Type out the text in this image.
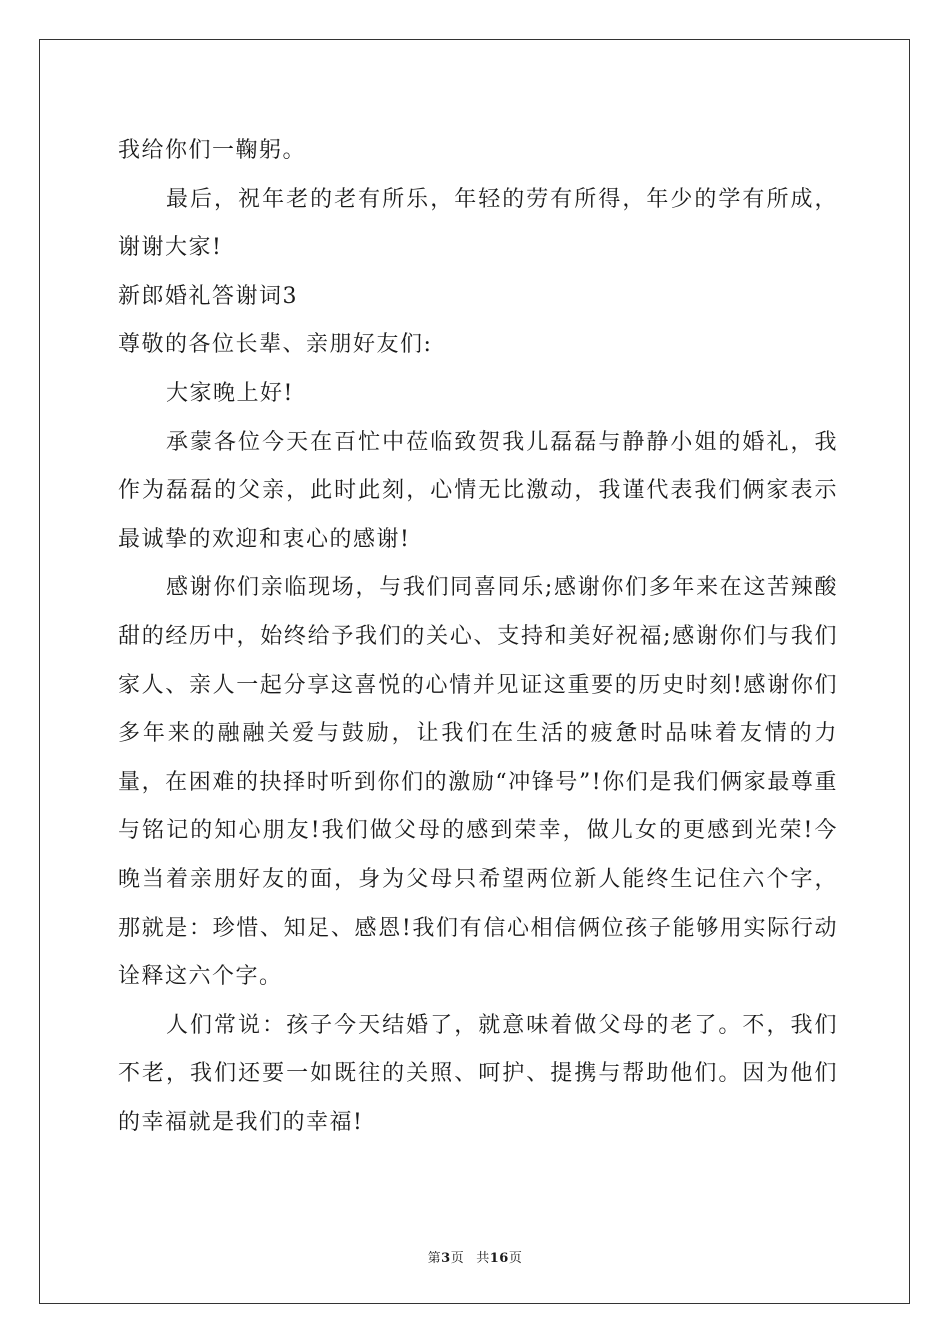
我给你们一鞠躬。

最后，祝年老的老有所乐，年轻的劳有所得，年少的学有所成，谢谢大家!

新郎婚礼答谢词3

尊敬的各位长辈、亲朋好友们:

大家晚上好!

承蒙各位今天在百忙中莅临致贺我儿磊磊与静静小姐的婚礼，我作为磊磊的父亲，此时此刻，心情无比激动，我谨代表我们俩家表示最诚挚的欢迎和衷心的感谢!

感谢你们亲临现场，与我们同喜同乐;感谢你们多年来在这苦辣酸甜的经历中，始终给予我们的关心、支持和美好祝福;感谢你们与我们家人、亲人一起分享这喜悦的心情并见证这重要的历史时刻!感谢你们多年来的融融关爱与鼓励，让我们在生活的疲惫时品味着友情的力量，在困难的抉择时听到你们的激励“冲锋号”!你们是我们俩家最尊重与铭记的知心朋友!我们做父母的感到荣幸，做儿女的更感到光荣!今晚当着亲朋好友的面，身为父母只希望两位新人能终生记住六个字，那就是：珍惜、知足、感恩!我们有信心相信俩位孩子能够用实际行动诠释这六个字。

人们常说：孩子今天结婚了，就意味着做父母的老了。不，我们不老，我们还要一如既往的关照、呵护、提携与帮助他们。因为他们的幸福就是我们的幸福!

第3页 共16页
